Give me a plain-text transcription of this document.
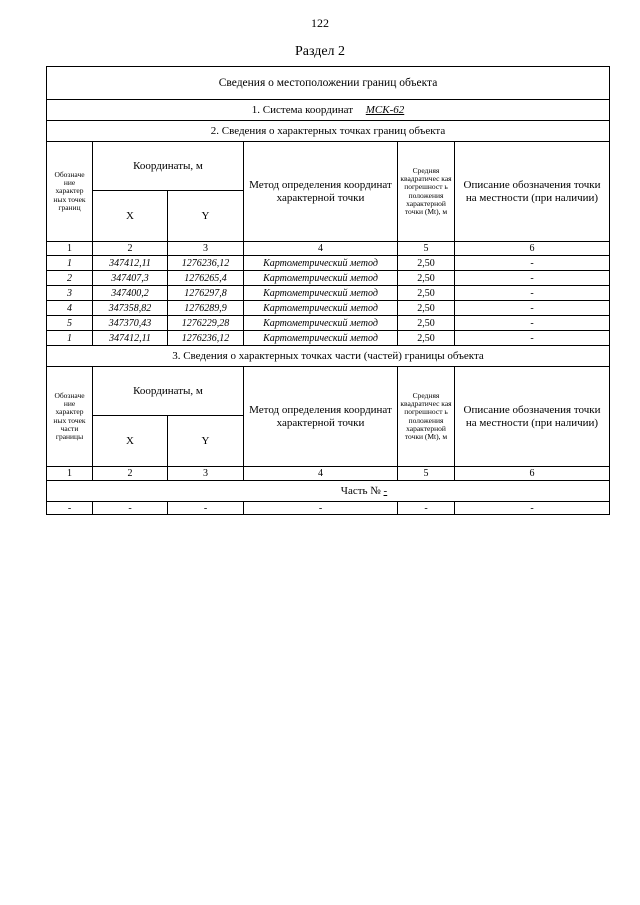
122
Раздел 2
Сведения о местоположении границ объекта					
1. Система координат МСК-62					
2. Сведения о характерных точках границ объекта					
Обозначе ние характер ных точек границ	Координаты, м		Метод определения координат характерной точки	Средняя квадратичес кая погрешност ь положения характерной точки (Мt), м	Описание обозначения точки на местности (при наличии)
	X	Y			
1	2	3	4	5	6
1	347412,11	1276236,12	Картометрический метод	2,50	-
2	347407,3	1276265,4	Картометрический метод	2,50	-
3	347400,2	1276297,8	Картометрический метод	2,50	-
4	347358,82	1276289,9	Картометрический метод	2,50	-
5	347370,43	1276229,28	Картометрический метод	2,50	-
1	347412,11	1276236,12	Картометрический метод	2,50	-
3. Сведения о характерных точках части (частей) границы объекта					
Обозначе ние характер ных точек части границы	Координаты, м		Метод определения координат характерной точки	Средняя квадратичес кая погрешност ь положения характерной точки (Мt), м	Описание обозначения точки на местности (при наличии)
	X	Y			
1	2	3	4	5	6
Часть № -					
-	-	-	-	-	-
